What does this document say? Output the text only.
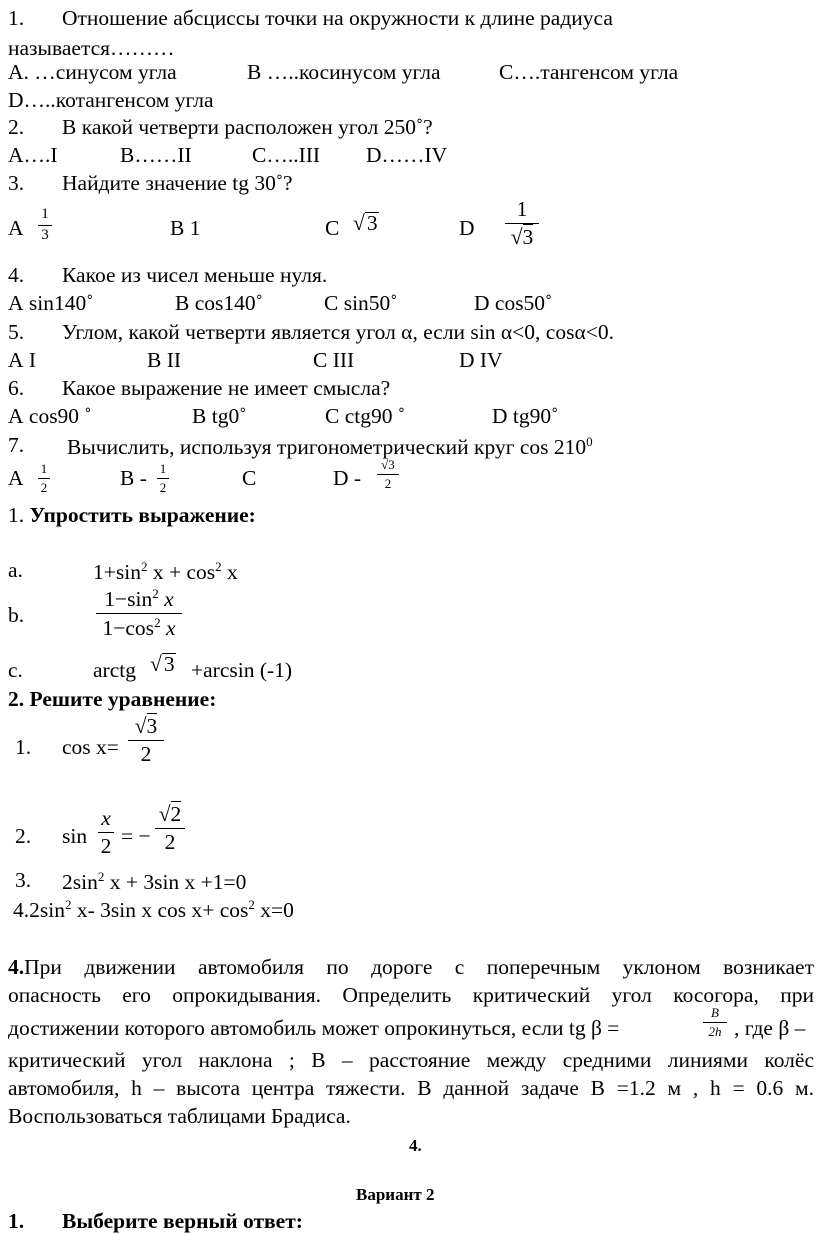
1. Отношение абсциссы точки на окружности к длине радиуса
называется………
А. …синусом угла	В …..косинусом угла	С….тангенсом угла
D…..котангенсом угла
2. В какой четверти расположен угол 250˚?
А….I	В……II	С…..III D……IV
3. Найдите значение tg 30˚?
А
1
3	В 1	С √3	D
1
√3
4. Какое из чисел меньше нуля.
А sin140˚	В cos140˚	С sin50˚	D cos50˚
5. Углом, какой четверти является угол α, если sin α<0, cosα<0.
А I	В II	С III	D IV
6. Какое выражение не имеет смысла?
А cos90 ˚	В tg0˚	С ctg90 ˚	D tg90˚
7. Вычислить, используя тригонометрический круг $\cos 210^0$
А 1
2	В - 1
2	С	D -
√3
2
1. Упростить выражение:
a.	$1+\sin^2$ $x + \cos^2 x$
b.
$1-\sin^2$ x
$1-\cos^2$ x
c.	arctg √3 +arcsin (-1)
2. Решите уравнение:
1. cos x=
√3
2
2. sin
x
2 = −
√2
2
3. $2\sin^2$ x + 3sin x +1=0
$4.2\sin^2$ x- 3sin x $\cos x+ \cos^2 x=0$
4.При движении автомобиля по дороге с поперечным уклоном возникает
опасность его опрокидывания. Определить критический угол косогора, при
достижении которого автомобиль может опрокинуться, если tg β =
B
2h , где β –
критический угол наклона ; В – расстояние между средними линиями колёс
автомобиля, h – высота центра тяжести. В данной задаче В =1.2 м , h = 0.6 м.
Воспользоваться таблицами Брадиса.
4.
Вариант 2
1. Выберите верный ответ:
